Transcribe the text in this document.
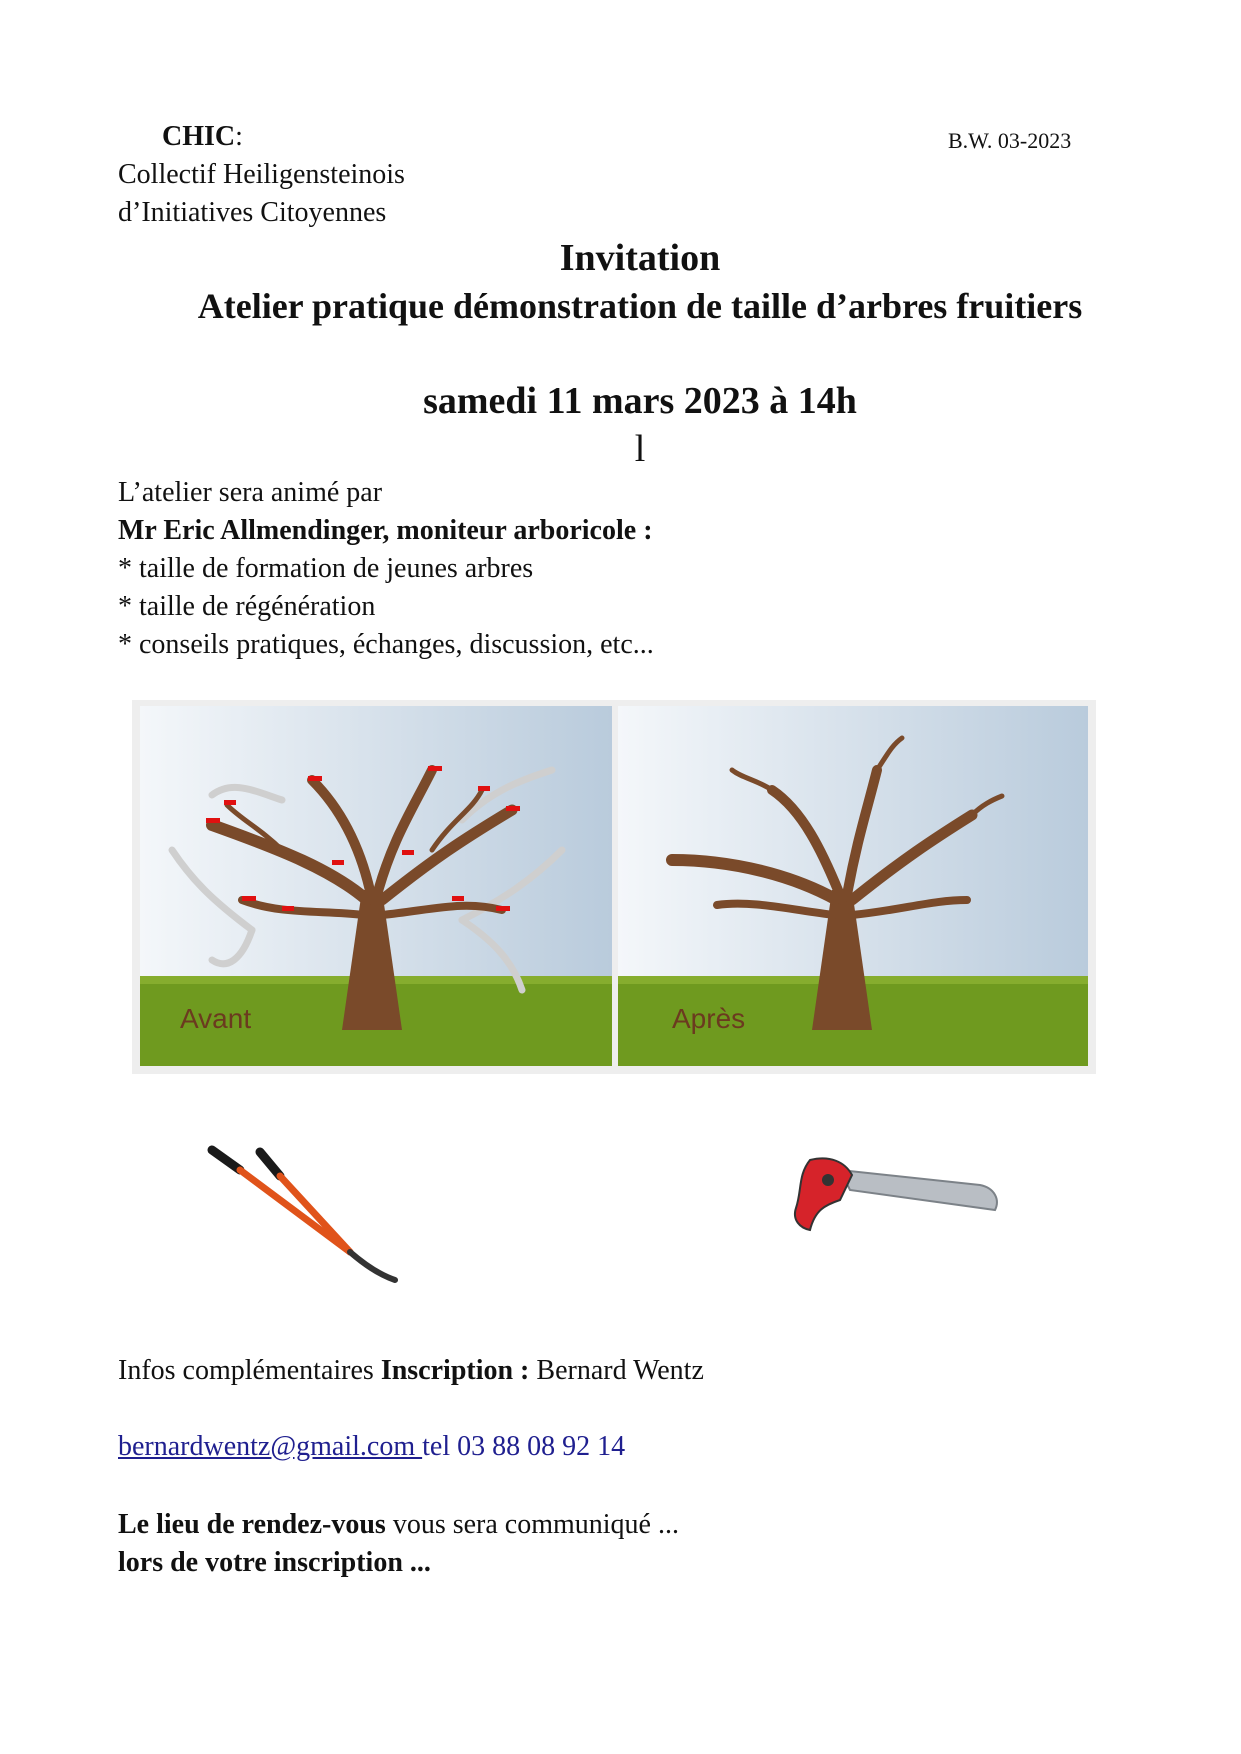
CHIC:
Collectif Heiligensteinois
d’Initiatives Citoyennes
B.W. 03-2023
Invitation
Atelier pratique démonstration de taille d’arbres fruitiers
samedi 11 mars 2023 à 14h
l
L’atelier sera animé par
Mr Eric Allmendinger, moniteur arboricole :
* taille de formation de jeunes arbres
* taille de régénération
* conseils pratiques, échanges, discussion, etc...
Avant	Après
Infos complémentaires Inscription : Bernard Wentz
bernardwentz@gmail.com tel 03 88 08 92 14
Le lieu de rendez-vous vous sera communiqué ...
lors de votre inscription ...
